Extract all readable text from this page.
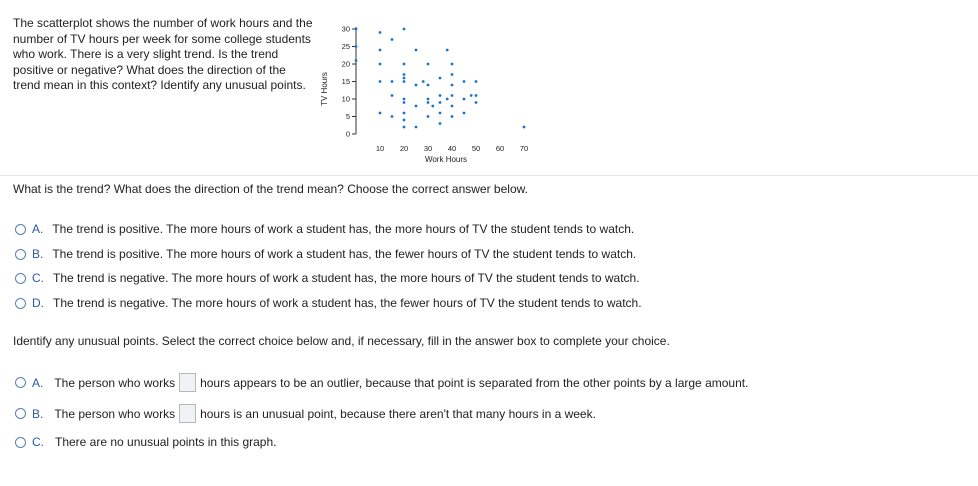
The scatterplot shows the number of work hours and the number of TV hours per week for some college students who work. There is a very slight trend. Is the trend positive or negative? What does the direction of the trend mean in this context? Identify any unusual points.
0
5
10
15
20
25
30
10 20 30 40 50 60 70
Work Hours
TV Hours
What is the trend? What does the direction of the trend mean? Choose the correct answer below.
A. The trend is positive. The more hours of work a student has, the more hours of TV the student tends to watch.
B. The trend is positive. The more hours of work a student has, the fewer hours of TV the student tends to watch.
C. The trend is negative. The more hours of work a student has, the more hours of TV the student tends to watch.
D. The trend is negative. The more hours of work a student has, the fewer hours of TV the student tends to watch.
Identify any unusual points. Select the correct choice below and, if necessary, fill in the answer box to complete your choice.
A. The person who works hours appears to be an outlier, because that point is separated from the other points by a large amount.
B. The person who works hours is an unusual point, because there aren't that many hours in a week.
C. There are no unusual points in this graph.
